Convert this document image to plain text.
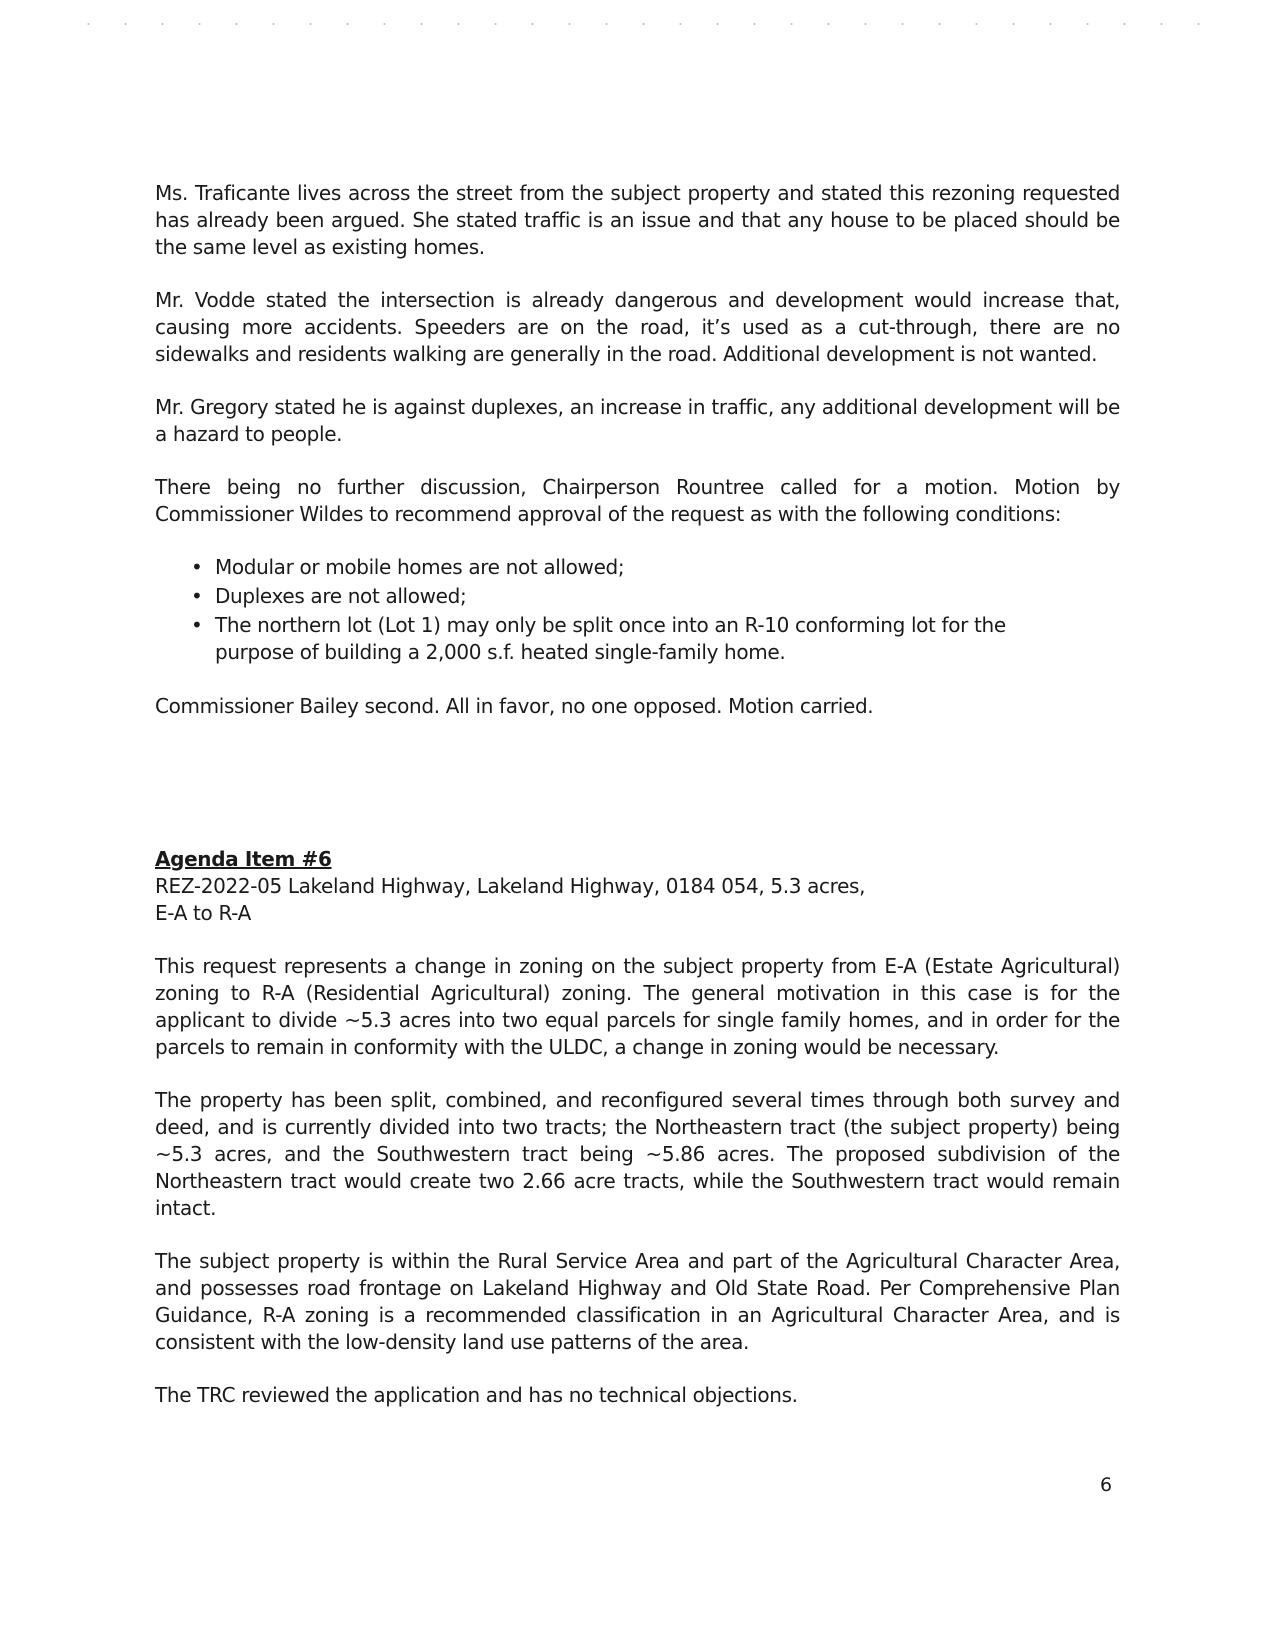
Ms. Traficante lives across the street from the subject property and stated this rezoning requested has already been argued. She stated traffic is an issue and that any house to be placed should be the same level as existing homes.

Mr. Vodde stated the intersection is already dangerous and development would increase that, causing more accidents. Speeders are on the road, it’s used as a cut-through, there are no sidewalks and residents walking are generally in the road. Additional development is not wanted.

Mr. Gregory stated he is against duplexes, an increase in traffic, any additional development will be a hazard to people.

There being no further discussion, Chairperson Rountree called for a motion. Motion by Commissioner Wildes to recommend approval of the request as with the following conditions:

• Modular or mobile homes are not allowed;
• Duplexes are not allowed;
• The northern lot (Lot 1) may only be split once into an R-10 conforming lot for the purpose of building a 2,000 s.f. heated single-family home.

Commissioner Bailey second. All in favor, no one opposed. Motion carried.

Agenda Item #6
REZ-2022-05 Lakeland Highway, Lakeland Highway, 0184 054, 5.3 acres,
E-A to R-A

This request represents a change in zoning on the subject property from E-A (Estate Agricultural) zoning to R-A (Residential Agricultural) zoning. The general motivation in this case is for the applicant to divide ~5.3 acres into two equal parcels for single family homes, and in order for the parcels to remain in conformity with the ULDC, a change in zoning would be necessary.

The property has been split, combined, and reconfigured several times through both survey and deed, and is currently divided into two tracts; the Northeastern tract (the subject property) being ~5.3 acres, and the Southwestern tract being ~5.86 acres. The proposed subdivision of the Northeastern tract would create two 2.66 acre tracts, while the Southwestern tract would remain intact.

The subject property is within the Rural Service Area and part of the Agricultural Character Area, and possesses road frontage on Lakeland Highway and Old State Road. Per Comprehensive Plan Guidance, R-A zoning is a recommended classification in an Agricultural Character Area, and is consistent with the low-density land use patterns of the area.

The TRC reviewed the application and has no technical objections.

6
